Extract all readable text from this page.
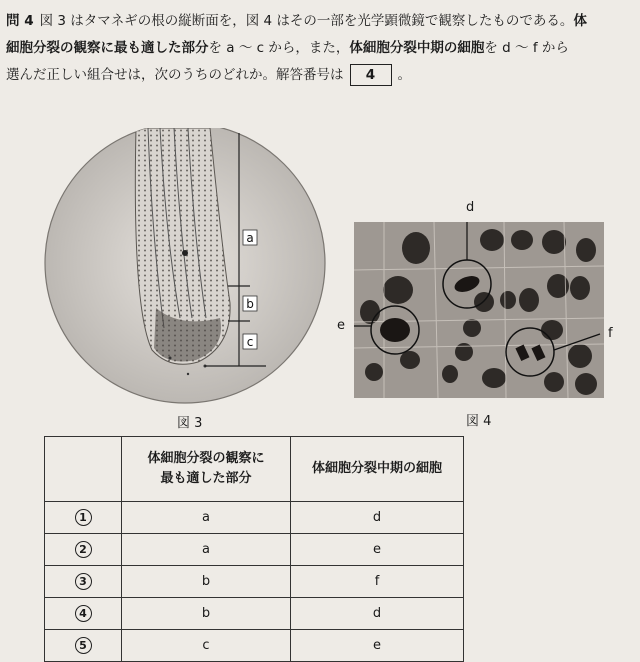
問 4 図 3 はタマネギの根の縦断面を，図 4 はその一部を光学顕微鏡で観察したものである。体
細胞分裂の観察に最も適した部分を a ～ c から，また，体細胞分裂中期の細胞を d ～ f から
選んだ正しい組合せは，次のうちのどれか。解答番号は 4 。
a
b
c
図 3
d
e
f
図 4

	体細胞分裂の観察に
最も適した部分	体細胞分裂中期の細胞
1	a	d
2	a	e
3	b	f
4	b	d
5	c	e
